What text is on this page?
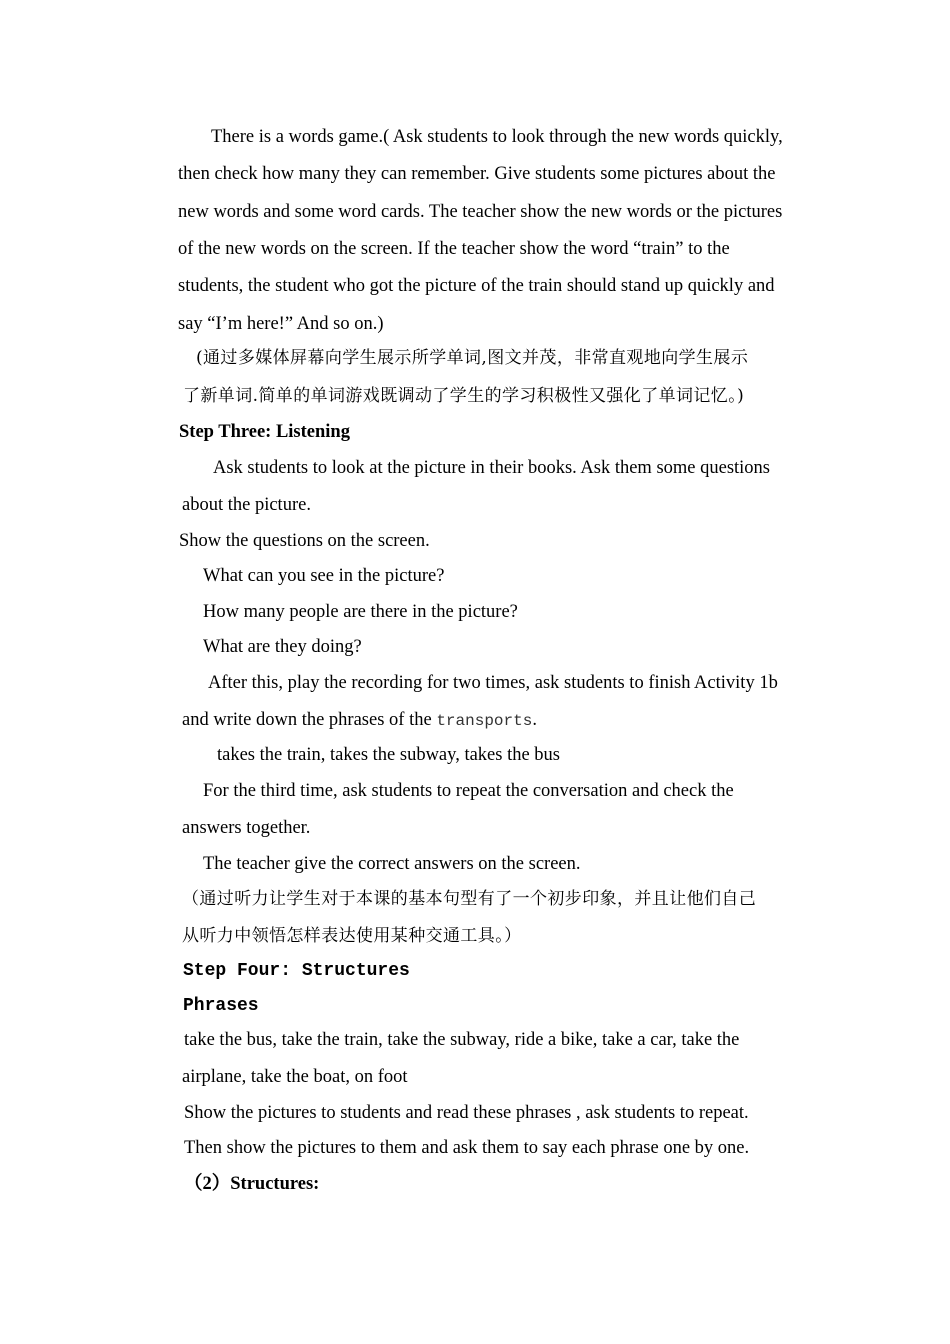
There is a words game.( Ask students to look through the new words quickly,
then check how many they can remember. Give students some pictures about the
new words and some word cards. The teacher show the new words or the pictures
of the new words on the screen. If the teacher show the word “train” to the
students, the student who got the picture of the train should stand up quickly and
say “I’m here!” And so on.)
(通过多媒体屏幕向学生展示所学单词,图文并茂，非常直观地向学生展示
了新单词.简单的单词游戏既调动了学生的学习积极性又强化了单词记忆。)
Step Three: Listening
Ask students to look at the picture in their books. Ask them some questions
about the picture.
Show the questions on the screen.
What can you see in the picture?
How many people are there in the picture?
What are they doing?
After this, play the recording for two times, ask students to finish Activity 1b
and write down the phrases of the transports.
takes the train, takes the subway, takes the bus
For the third time, ask students to repeat the conversation and check the
answers together.
The teacher give the correct answers on the screen.
（通过听力让学生对于本课的基本句型有了一个初步印象，并且让他们自己
从听力中领悟怎样表达使用某种交通工具。）
Step Four: Structures
Phrases
take the bus, take the train, take the subway, ride a bike, take a car, take the
airplane, take the boat, on foot
Show the pictures to students and read these phrases , ask students to repeat.
Then show the pictures to them and ask them to say each phrase one by one.
（2）Structures:
